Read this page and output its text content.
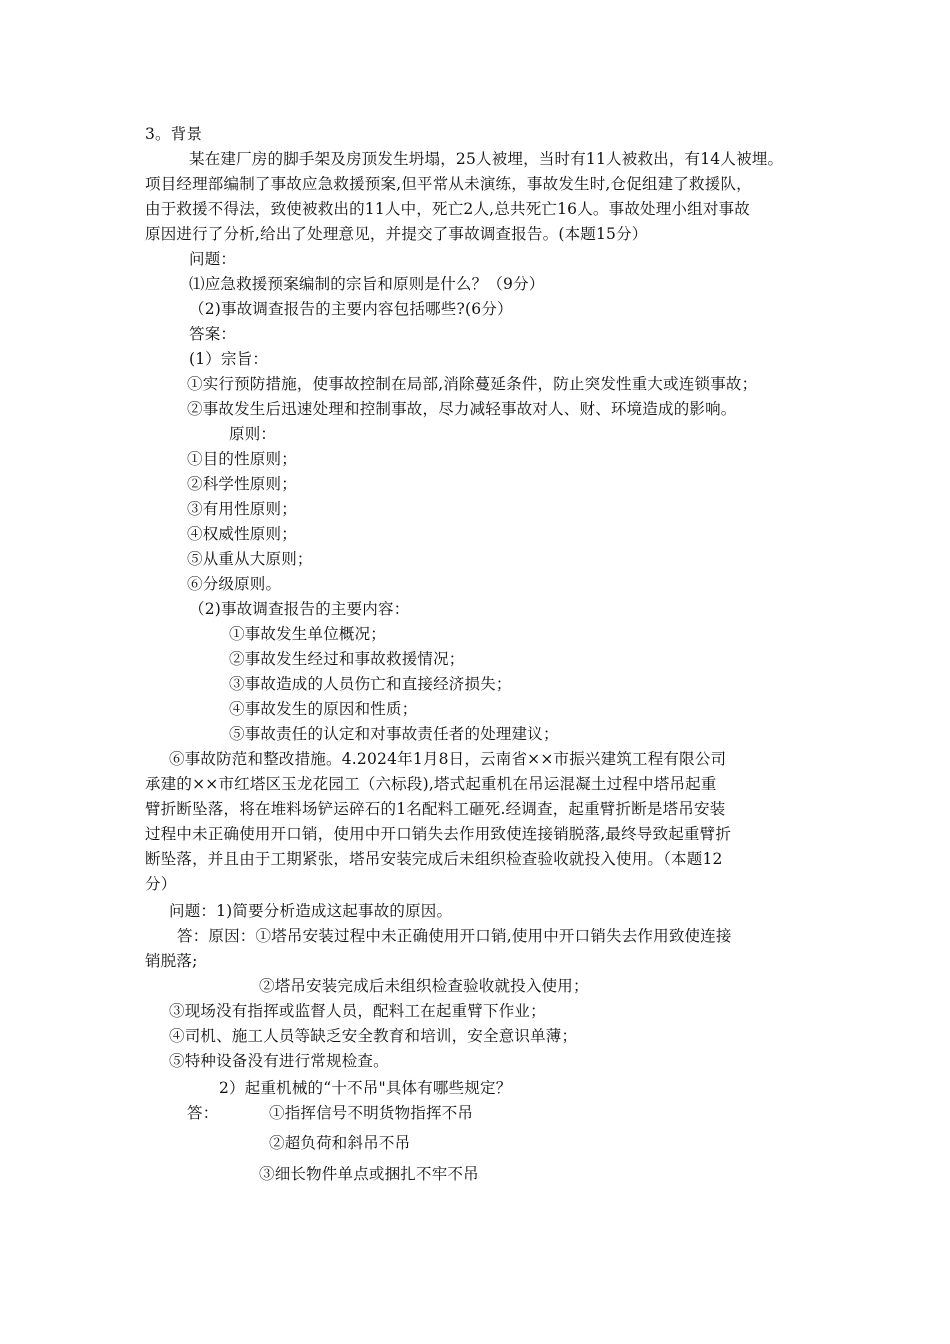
3。背景
某在建厂房的脚手架及房顶发生坍塌，25人被埋，当时有11人被救出，有14人被埋。
项目经理部编制了事故应急救援预案,但平常从未演练，事故发生时,仓促组建了救援队，
由于救援不得法，致使被救出的11人中，死亡2人,总共死亡16人。事故处理小组对事故
原因进行了分析,给出了处理意见，并提交了事故调查报告。(本题15分）
问题：
⑴应急救援预案编制的宗旨和原则是什么？（9分）
（2)事故调查报告的主要内容包括哪些?(6分）
答案：
(1）宗旨：
①实行预防措施，使事故控制在局部,消除蔓延条件，防止突发性重大或连锁事故；
②事故发生后迅速处理和控制事故，尽力减轻事故对人、财、环境造成的影响。
原则：
①目的性原则；
②科学性原则；
③有用性原则；
④权威性原则；
⑤从重从大原则；
⑥分级原则。
（2)事故调查报告的主要内容：
①事故发生单位概况；
②事故发生经过和事故救援情况；
③事故造成的人员伤亡和直接经济损失；
④事故发生的原因和性质；
⑤事故责任的认定和对事故责任者的处理建议；
⑥事故防范和整改措施。4.2024年1月8日，云南省××市振兴建筑工程有限公司
承建的××市红塔区玉龙花园工（六标段),塔式起重机在吊运混凝土过程中塔吊起重
臂折断坠落，将在堆料场铲运碎石的1名配料工砸死.经调查，起重臂折断是塔吊安装
过程中未正确使用开口销，使用中开口销失去作用致使连接销脱落,最终导致起重臂折
断坠落，并且由于工期紧张，塔吊安装完成后未组织检查验收就投入使用。（本题12
分）
问题：1)简要分析造成这起事故的原因。
答：原因：①塔吊安装过程中未正确使用开口销,使用中开口销失去作用致使连接
销脱落;
②塔吊安装完成后未组织检查验收就投入使用；
③现场没有指挥或监督人员，配料工在起重臂下作业；
④司机、施工人员等缺乏安全教育和培训，安全意识单薄；
⑤特种设备没有进行常规检查。
2）起重机械的“十不吊"具体有哪些规定？
答：	①指挥信号不明货物指挥不吊
②超负荷和斜吊不吊
③细长物件单点或捆扎不牢不吊
